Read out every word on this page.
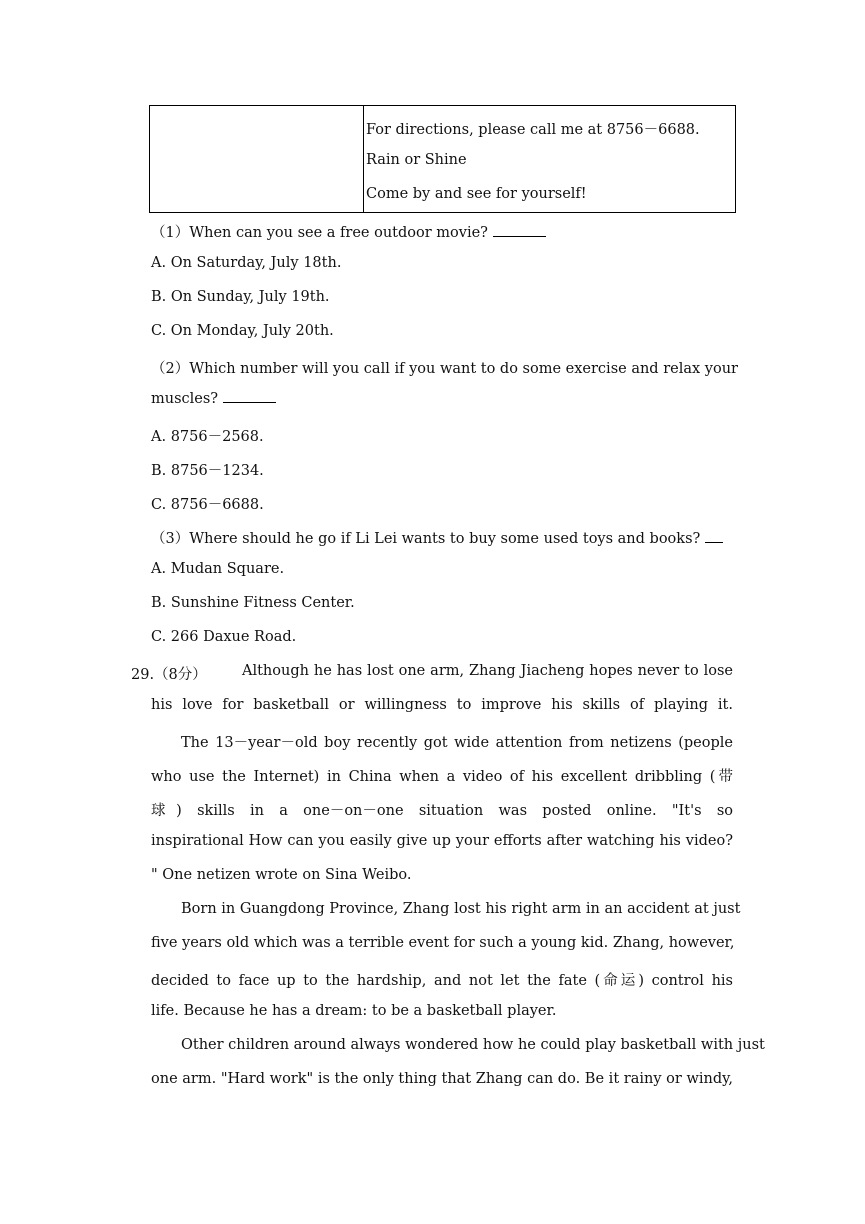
For directions, please call me at 8756－6688.
Rain or Shine
Come by and see for yourself!
（1）When can you see a free outdoor movie?
A. On Saturday, July 18th.
B. On Sunday, July 19th.
C. On Monday, July 20th.
（2）Which number will you call if you want to do some exercise and relax your
muscles?
A. 8756－2568.
B. 8756－1234.
C. 8756－6688.
（3）Where should he go if Li Lei wants to buy some used toys and books?
A. Mudan Square.
B. Sunshine Fitness Center.
C. 266 Daxue Road.
29.（8分） Although he has lost one arm, Zhang Jiacheng hopes never to lose
his love for basketball or willingness to improve his skills of playing it.
The 13－year－old boy recently got wide attention from netizens (people
who use the Internet) in China when a video of his excellent dribbling (带
球) skills in a one－on－one situation was posted online. "It's so
inspirational How can you easily give up your efforts after watching his video?
" One netizen wrote on Sina Weibo.
Born in Guangdong Province, Zhang lost his right arm in an accident at just
five years old which was a terrible event for such a young kid. Zhang, however,
decided to face up to the hardship, and not let the fate (命运) control his
life. Because he has a dream: to be a basketball player.
Other children around always wondered how he could play basketball with just
one arm. "Hard work" is the only thing that Zhang can do. Be it rainy or windy,
